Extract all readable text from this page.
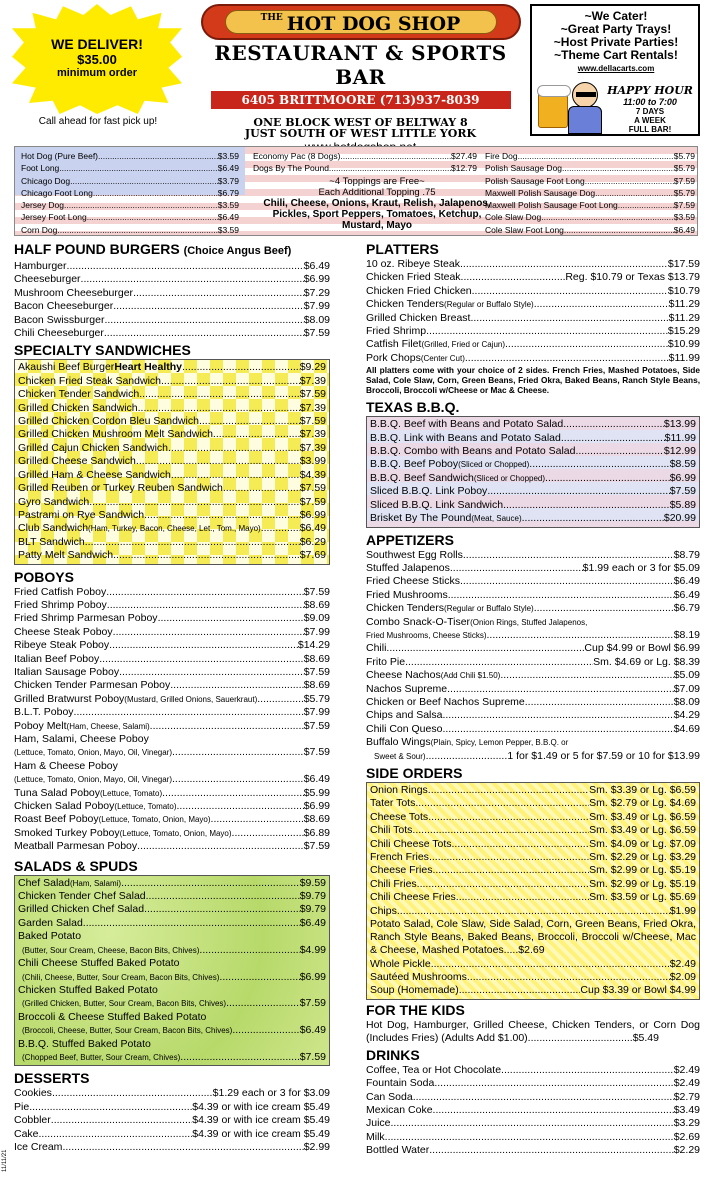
WE DELIVER!
$35.00
minimum order
Call ahead for fast pick up!
$^{THE}$ HOT DOG SHOP
RESTAURANT & SPORTS BAR
6405 BRITTMOORE (713)937-8039
ONE BLOCK WEST OF BELTWAY 8
JUST SOUTH OF WEST LITTLE YORK
~We Cater!
~Great Party Trays!
~Host Private Parties!
~Theme Cart Rentals!
www.dellacarts.com
HAPPY HOUR
11:00 to 7:00
7 DAYS
A WEEK
FULL BAR!
Hot Dog (Pure Beef) .....	$3.59
Foot Long .....	$6.49
Chicago Dog .....	$3.79
Chicago Foot Long .....	$6.79
Jersey Dog .....	$3.59
Jersey Foot Long .....	$6.49
Corn Dog .....	$3.59
Economy Pac (8 Dogs) .....	$27.49
Dogs By The Pound .....	$12.79
~4 Toppings are Free~
Each Additional Topping .75
Chili, Cheese, Onions, Kraut, Relish, Jalapenos, Pickles, Sport Peppers, Tomatoes, Ketchup, Mustard, Mayo
Fire Dog .....	$5.79
Polish Sausage Dog .....	$5.79
Polish Sausage Foot Long .....	$7.59
Maxwell Polish Sausage Dog .....	$5.79
Maxwell Polish Sausage Foot Long .....	$7.59
Cole Slaw Dog .....	$3.59
Cole Slaw Foot Long .....	$6.49
HALF POUND BURGERS (Choice Angus Beef)
Hamburger .....	$6.49
Cheeseburger .....	$6.99
Mushroom Cheeseburger .....	$7.29
Bacon Cheeseburger .....	$7.99
Bacon Swissburger .....	$8.09
Chili Cheeseburger .....	$7.59
SPECIALTY SANDWICHES
Akaushi Beef Burger Heart Healthy .....	$9.29
Chicken Fried Steak Sandwich .....	$7.39
Chicken Tender Sandwich .....	$7.59
Grilled Chicken Sandwich .....	$7.39
Grilled Chicken Cordon Bleu Sandwich .....	$7.59
Grilled Chicken Mushroom Melt Sandwich .....	$7.39
Grilled Cajun Chicken Sandwich .....	$7.39
Grilled Cheese Sandwich .....	$3.99
Grilled Ham & Cheese Sandwich .....	$4.39
Grilled Reuben or Turkey Reuben Sandwich .....	$7.59
Gyro Sandwich .....	$7.59
Pastrami on Rye Sandwich .....	$6.99
Club Sandwich (Ham, Turkey, Bacon, Cheese, Let., Tom., Mayo) .....	$6.49
BLT Sandwich .....	$6.29
Patty Melt Sandwich .....	$7.69
POBOYS
Fried Catfish Poboy .....	$7.59
Fried Shrimp Poboy .....	$8.69
Fried Shrimp Parmesan Poboy .....	$9.09
Cheese Steak Poboy .....	$7.99
Ribeye Steak Poboy .....	$14.29
Italian Beef Poboy .....	$8.69
Italian Sausage Poboy .....	$7.59
Chicken Tender Parmesan Poboy .....	$8.69
Grilled Bratwurst Poboy (Mustard, Grilled Onions, Sauerkraut) .....	$5.79
B.L.T. Poboy .....	$7.99
Poboy Melt (Ham, Cheese, Salami) .....	$7.59
Ham, Salami, Cheese Poboy
(Lettuce, Tomato, Onion, Mayo, Oil, Vinegar) .....	$7.59
Ham & Cheese Poboy
(Lettuce, Tomato, Onion, Mayo, Oil, Vinegar) .....	$6.49
Tuna Salad Poboy (Lettuce, Tomato) .....	$5.99
Chicken Salad Poboy (Lettuce, Tomato) .....	$6.99
Roast Beef Poboy (Lettuce, Tomato, Onion, Mayo) .....	$8.69
Smoked Turkey Poboy (Lettuce, Tomato, Onion, Mayo) .....	$6.89
Meatball Parmesan Poboy .....	$7.59
SALADS & SPUDS
Chef Salad (Ham, Salami) .....	$9.59
Chicken Tender Chef Salad .....	$9.79
Grilled Chicken Chef Salad .....	$9.79
Garden Salad .....	$6.49
Baked Potato
(Butter, Sour Cream, Cheese, Bacon Bits, Chives) .....	$4.99
Chili Cheese Stuffed Baked Potato
(Chili, Cheese, Butter, Sour Cream, Bacon Bits, Chives) .....	$6.99
Chicken Stuffed Baked Potato
(Grilled Chicken, Butter, Sour Cream, Bacon Bits, Chives) .....	$7.59
Broccoli & Cheese Stuffed Baked Potato
(Broccoli, Cheese, Butter, Sour Cream, Bacon Bits, Chives) .....	$6.49
B.B.Q. Stuffed Baked Potato
(Chopped Beef, Butter, Sour Cream, Chives) .....	$7.59
DESSERTS
Cookies .....	$1.29 each or 3 for $3.09
Pie .....	$4.39 or with ice cream $5.49
Cobbler .....	$4.39 or with ice cream $5.49
Cake .....	$4.39 or with ice cream $5.49
Ice Cream .....	$2.99
11/11/21
PLATTERS
10 oz. Ribeye Steak .....	$17.59
Chicken Fried Steak .....	Reg. $10.79 or Texas $13.79
Chicken Fried Chicken .....	$10.79
Chicken Tenders (Regular or Buffalo Style) .....	$11.29
Grilled Chicken Breast .....	$11.29
Fried Shrimp .....	$15.29
Catfish Filet (Grilled, Fried or Cajun) .....	$10.99
Pork Chops (Center Cut) .....	$11.99
All platters come with your choice of 2 sides. French Fries, Mashed Potatoes, Side Salad, Cole Slaw, Corn, Green Beans, Fried Okra, Baked Beans, Ranch Style Beans, Broccoli, Broccoli w/Cheese or Mac & Cheese.
TEXAS B.B.Q.
B.B.Q. Beef with Beans and Potato Salad .....	$13.99
B.B.Q. Link with Beans and Potato Salad .....	$11.99
B.B.Q. Combo with Beans and Potato Salad .....	$12.99
B.B.Q. Beef Poboy (Sliced or Chopped) .....	$8.59
B.B.Q. Beef Sandwich (Sliced or Chopped) .....	$6.99
Sliced B.B.Q. Link Poboy .....	$7.59
Sliced B.B.Q. Link Sandwich .....	$5.89
Brisket By The Pound (Meat, Sauce) .....	$20.99
APPETIZERS
Southwest Egg Rolls .....	$8.79
Stuffed Jalapenos .....	$1.99 each or 3 for $5.09
Fried Cheese Sticks .....	$6.49
Fried Mushrooms .....	$6.49
Chicken Tenders (Regular or Buffalo Style) .....	$6.79
Combo Snack-O-Tiser (Onion Rings, Stuffed Jalapenos,
Fried Mushrooms, Cheese Sticks) .....	$8.19
Chili .....	Cup $4.99 or Bowl $6.99
Frito Pie .....	Sm. $4.69 or Lg. $8.39
Cheese Nachos (Add Chili $1.50) .....	$5.09
Nachos Supreme .....	$7.09
Chicken or Beef Nachos Supreme .....	$8.09
Chips and Salsa .....	$4.29
Chili Con Queso .....	$4.69
Buffalo Wings (Plain, Spicy, Lemon Pepper, B.B.Q. or
Sweet & Sour) .....	1 for $1.49 or 5 for $7.59 or 10 for $13.99
SIDE ORDERS
Onion Rings .....	Sm. $3.39 or Lg. $6.59
Tater Tots .....	Sm. $2.79 or Lg. $4.69
Cheese Tots .....	Sm. $3.49 or Lg. $6.59
Chili Tots .....	Sm. $3.49 or Lg. $6.59
Chili Cheese Tots .....	Sm. $4.09 or Lg. $7.09
French Fries .....	Sm. $2.29 or Lg. $3.29
Cheese Fries .....	Sm. $2.99 or Lg. $5.19
Chili Fries .....	Sm. $2.99 or Lg. $5.19
Chili Cheese Fries .....	Sm. $3.59 or Lg. $5.69
Chips .....	$1.99
Potato Salad, Cole Slaw, Side Salad, Corn, Green Beans, Fried Okra, Ranch Style Beans, Baked Beans, Broccoli, Broccoli w/Cheese, Mac & Cheese, Mashed Potatoes.....$2.69
Whole Pickle .....	$2.49
Sautéed Mushrooms .....	$2.09
Soup (Homemade) .....	Cup $3.39 or Bowl $4.99
FOR THE KIDS
Hot Dog, Hamburger, Grilled Cheese, Chicken Tenders, or Corn Dog (Includes Fries) (Adults Add $1.00)....................................$5.49
DRINKS
Coffee, Tea or Hot Chocolate .....	$2.49
Fountain Soda .....	$2.49
Can Soda .....	$2.79
Mexican Coke .....	$3.49
Juice .....	$3.29
Milk .....	$2.69
Bottled Water .....	$2.29
